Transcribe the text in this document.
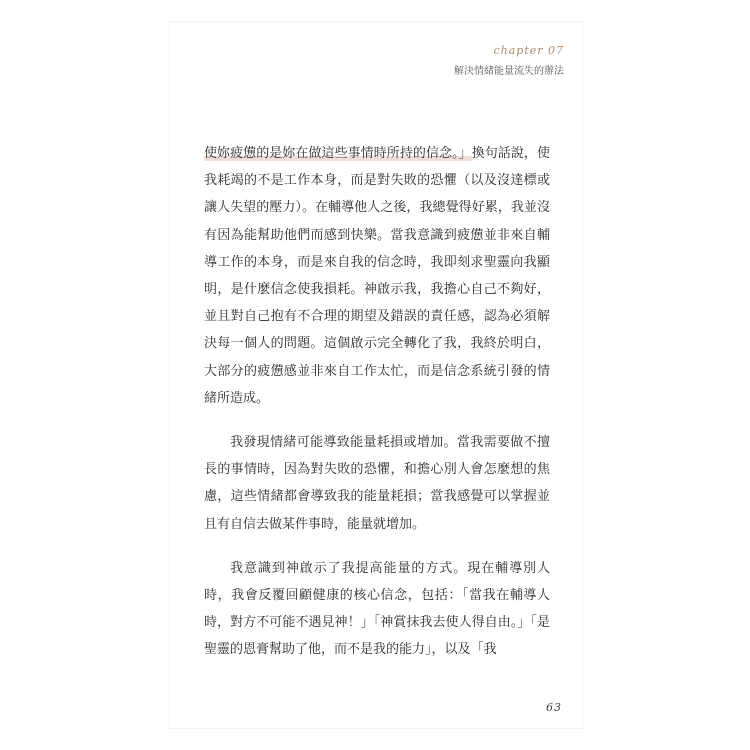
chapter 07
解決情緒能量流失的辦法

使妳疲憊的是妳在做這些事情時所持的信念。」換句話說，使我耗竭的不是工作本身，而是對失敗的恐懼（以及沒達標或讓人失望的壓力）。在輔導他人之後，我總覺得好累，我並沒有因為能幫助他們而感到快樂。當我意識到疲憊並非來自輔導工作的本身，而是來自我的信念時，我即刻求聖靈向我顯明，是什麼信念使我損耗。神啟示我，我擔心自己不夠好，並且對自己抱有不合理的期望及錯誤的責任感，認為必須解決每一個人的問題。這個啟示完全轉化了我，我終於明白，大部分的疲憊感並非來自工作太忙，而是信念系統引發的情緒所造成。

我發現情緒可能導致能量耗損或增加。當我需要做不擅長的事情時，因為對失敗的恐懼，和擔心別人會怎麼想的焦慮，這些情緒都會導致我的能量耗損；當我感覺可以掌握並且有自信去做某件事時，能量就增加。

我意識到神啟示了我提高能量的方式。現在輔導別人時，我會反覆回顧健康的核心信念，包括：「當我在輔導人時，對方不可能不遇見神！」「神賞抹我去使人得自由。」「是聖靈的恩膏幫助了他，而不是我的能力」，以及「我

63
